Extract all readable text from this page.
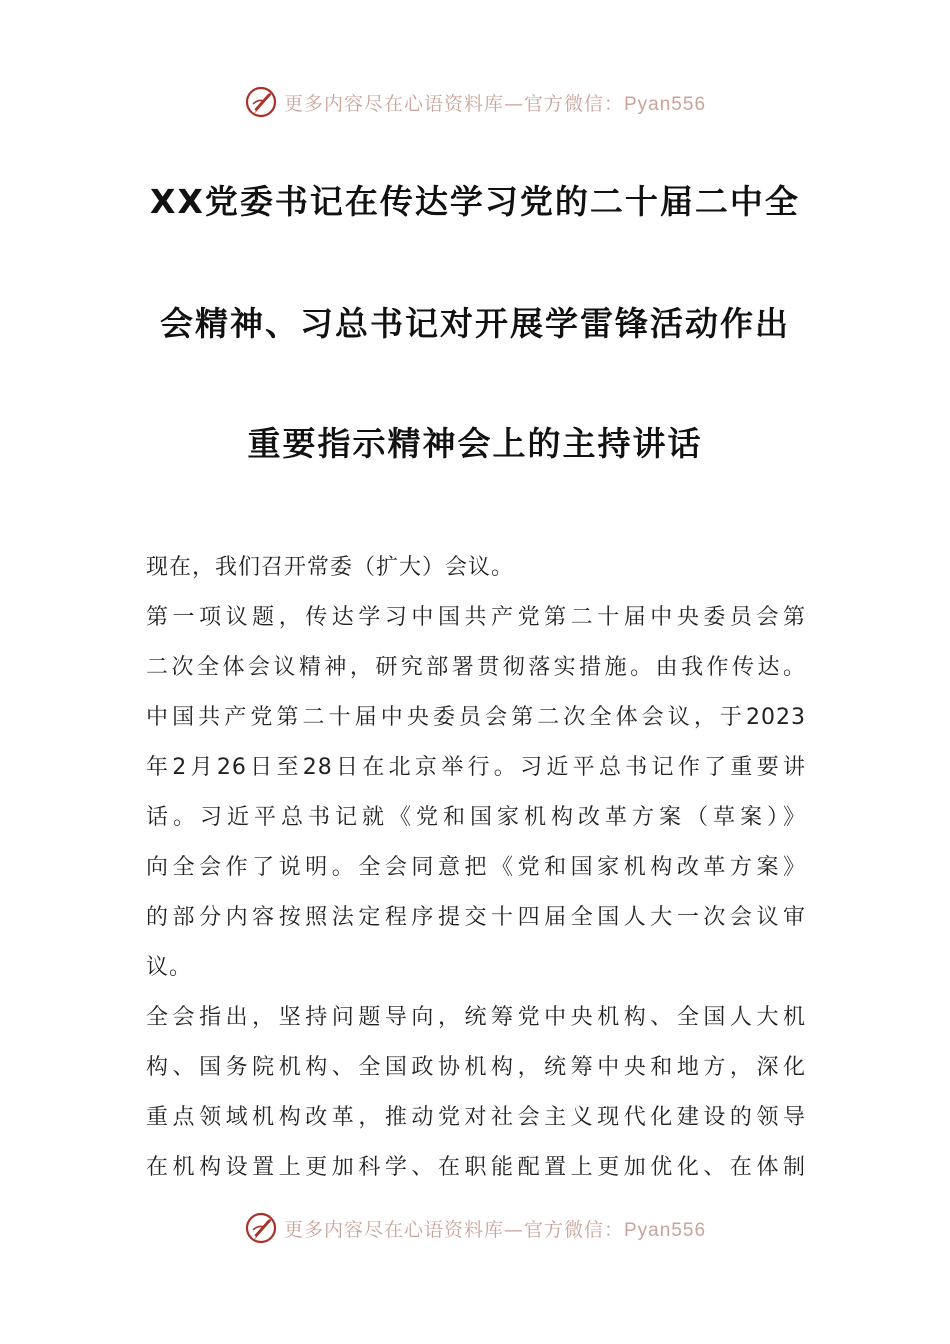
更多内容尽在心语资料库—官方微信：Pyan556
XX党委书记在传达学习党的二十届二中全
会精神、习总书记对开展学雷锋活动作出
重要指示精神会上的主持讲话
现在，我们召开常委（扩大）会议。
第一项议题，传达学习中国共产党第二十届中央委员会第
二次全体会议精神，研究部署贯彻落实措施。由我作传达。
中国共产党第二十届中央委员会第二次全体会议，于2023
年2月26日至28日在北京举行。习近平总书记作了重要讲
话。习近平总书记就《党和国家机构改革方案（草案）》
向全会作了说明。全会同意把《党和国家机构改革方案》
的部分内容按照法定程序提交十四届全国人大一次会议审
议。
全会指出，坚持问题导向，统筹党中央机构、全国人大机
构、国务院机构、全国政协机构，统筹中央和地方，深化
重点领域机构改革，推动党对社会主义现代化建设的领导
在机构设置上更加科学、在职能配置上更加优化、在体制
更多内容尽在心语资料库—官方微信：Pyan556
